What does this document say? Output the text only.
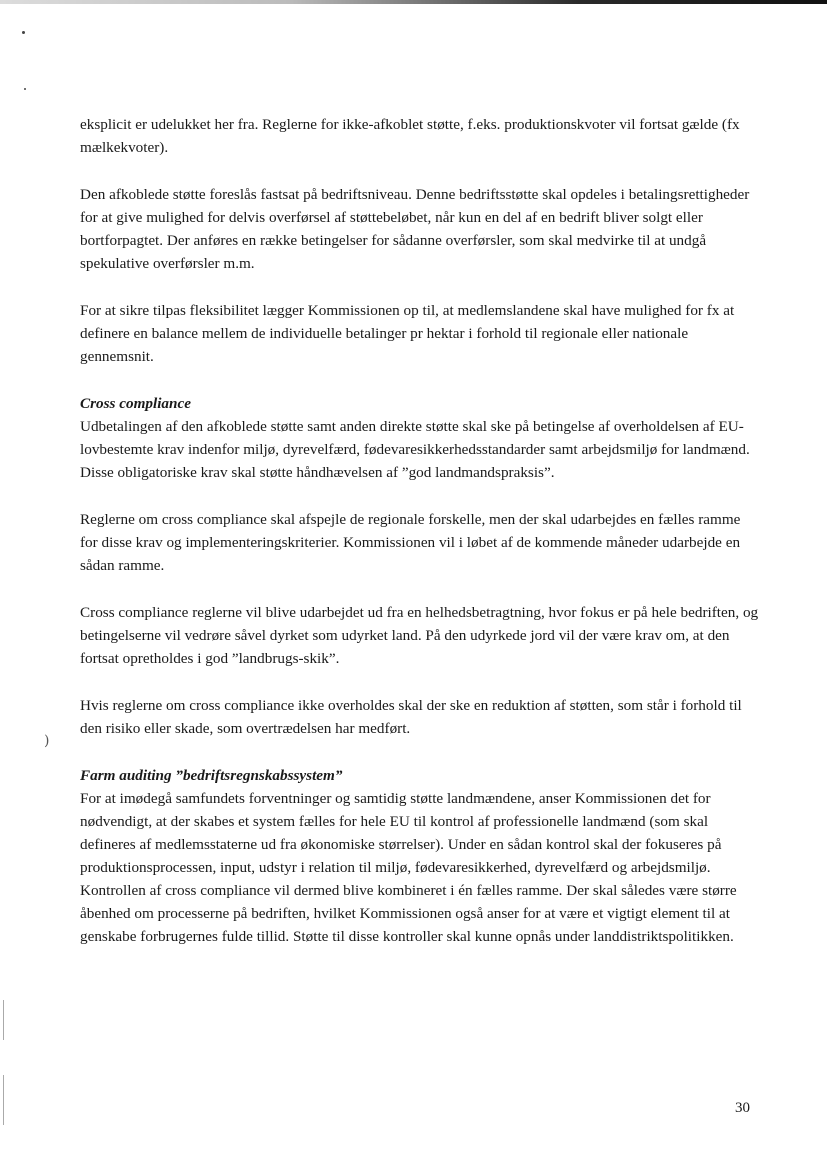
)

eksplicit er udelukket her fra. Reglerne for ikke-afkoblet støtte, f.eks. produktionskvoter vil fortsat gælde (fx mælkekvoter).

Den afkoblede støtte foreslås fastsat på bedriftsniveau. Denne bedriftsstøtte skal opdeles i betalingsrettigheder for at give mulighed for delvis overførsel af støttebeløbet, når kun en del af en bedrift bliver solgt eller bortforpagtet. Der anføres en række betingelser for sådanne overførsler, som skal medvirke til at undgå spekulative overførsler m.m.

For at sikre tilpas fleksibilitet lægger Kommissionen op til, at medlemslandene skal have mulighed for fx at definere en balance mellem de individuelle betalinger pr hektar i forhold til regionale eller nationale gennemsnit.

Cross compliance

Udbetalingen af den afkoblede støtte samt anden direkte støtte skal ske på betingelse af overholdelsen af EU-lovbestemte krav indenfor miljø, dyrevelfærd, fødevaresikkerhedsstandarder samt arbejdsmiljø for landmænd. Disse obligatoriske krav skal støtte håndhævelsen af ”god landmandspraksis”.

Reglerne om cross compliance skal afspejle de regionale forskelle, men der skal udarbejdes en fælles ramme for disse krav og implementeringskriterier. Kommissionen vil i løbet af de kommende måneder udarbejde en sådan ramme.

Cross compliance reglerne vil blive udarbejdet ud fra en helhedsbetragtning, hvor fokus er på hele bedriften, og betingelserne vil vedrøre såvel dyrket som udyrket land. På den udyrkede jord vil der være krav om, at den fortsat opretholdes i god ”landbrugs-skik”.

Hvis reglerne om cross compliance ikke overholdes skal der ske en reduktion af støtten, som står i forhold til den risiko eller skade, som overtrædelsen har medført.

Farm auditing ”bedriftsregnskabssystem”

For at imødegå samfundets forventninger og samtidig støtte landmændene, anser Kommissionen det for nødvendigt, at der skabes et system fælles for hele EU til kontrol af professionelle landmænd (som skal defineres af medlemsstaterne ud fra økonomiske størrelser). Under en sådan kontrol skal der fokuseres på produktionsprocessen, input, udstyr i relation til miljø, fødevaresikkerhed, dyrevelfærd og arbejdsmiljø. Kontrollen af cross compliance vil dermed blive kombineret i én fælles ramme. Der skal således være større åbenhed om processerne på bedriften, hvilket Kommissionen også anser for at være et vigtigt element til at genskabe forbrugernes fulde tillid. Støtte til disse kontroller skal kunne opnås under landdistriktspolitikken.

30
